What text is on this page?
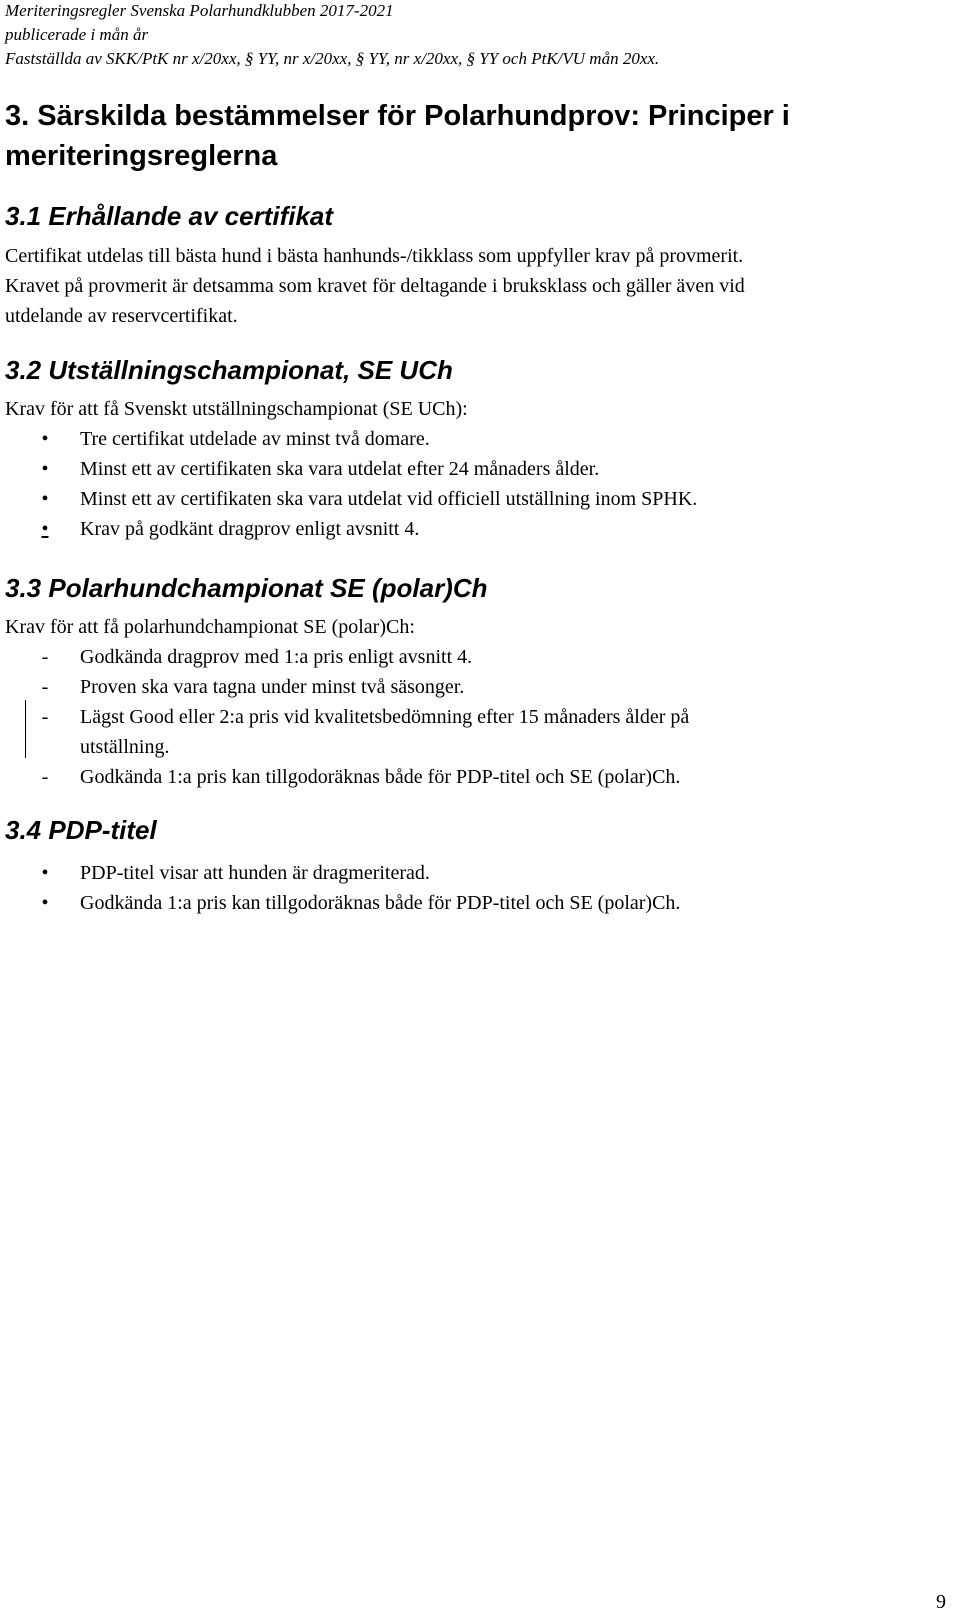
Meriteringsregler Svenska Polarhundklubben 2017-2021
publicerade i mån år
Fastställda av SKK/PtK nr x/20xx, § YY, nr x/20xx, § YY, nr x/20xx, § YY och PtK/VU mån 20xx.
3. Särskilda bestämmelser för Polarhundprov: Principer i meriteringsreglerna
3.1 Erhållande av certifikat
Certifikat utdelas till bästa hund i bästa hanhunds-/tikklass som uppfyller krav på provmerit.
Kravet på provmerit är detsamma som kravet för deltagande i bruksklass och gäller även vid
utdelande av reservcertifikat.
3.2 Utställningschampionat, SE UCh
Krav för att få Svenskt utställningschampionat (SE UCh):
• Tre certifikat utdelade av minst två domare.
• Minst ett av certifikaten ska vara utdelat efter 24 månaders ålder.
• Minst ett av certifikaten ska vara utdelat vid officiell utställning inom SPHK.
• Krav på godkänt dragprov enligt avsnitt 4.
3.3 Polarhundchampionat SE (polar)Ch
Krav för att få polarhundchampionat SE (polar)Ch:
- Godkända dragprov med 1:a pris enligt avsnitt 4.
- Proven ska vara tagna under minst två säsonger.
- Lägst Good eller 2:a pris vid kvalitetsbedömning efter 15 månaders ålder på
utställning.
- Godkända 1:a pris kan tillgodoräknas både för PDP-titel och SE (polar)Ch.
3.4 PDP-titel
• PDP-titel visar att hunden är dragmeriterad.
• Godkända 1:a pris kan tillgodoräknas både för PDP-titel och SE (polar)Ch.
9
